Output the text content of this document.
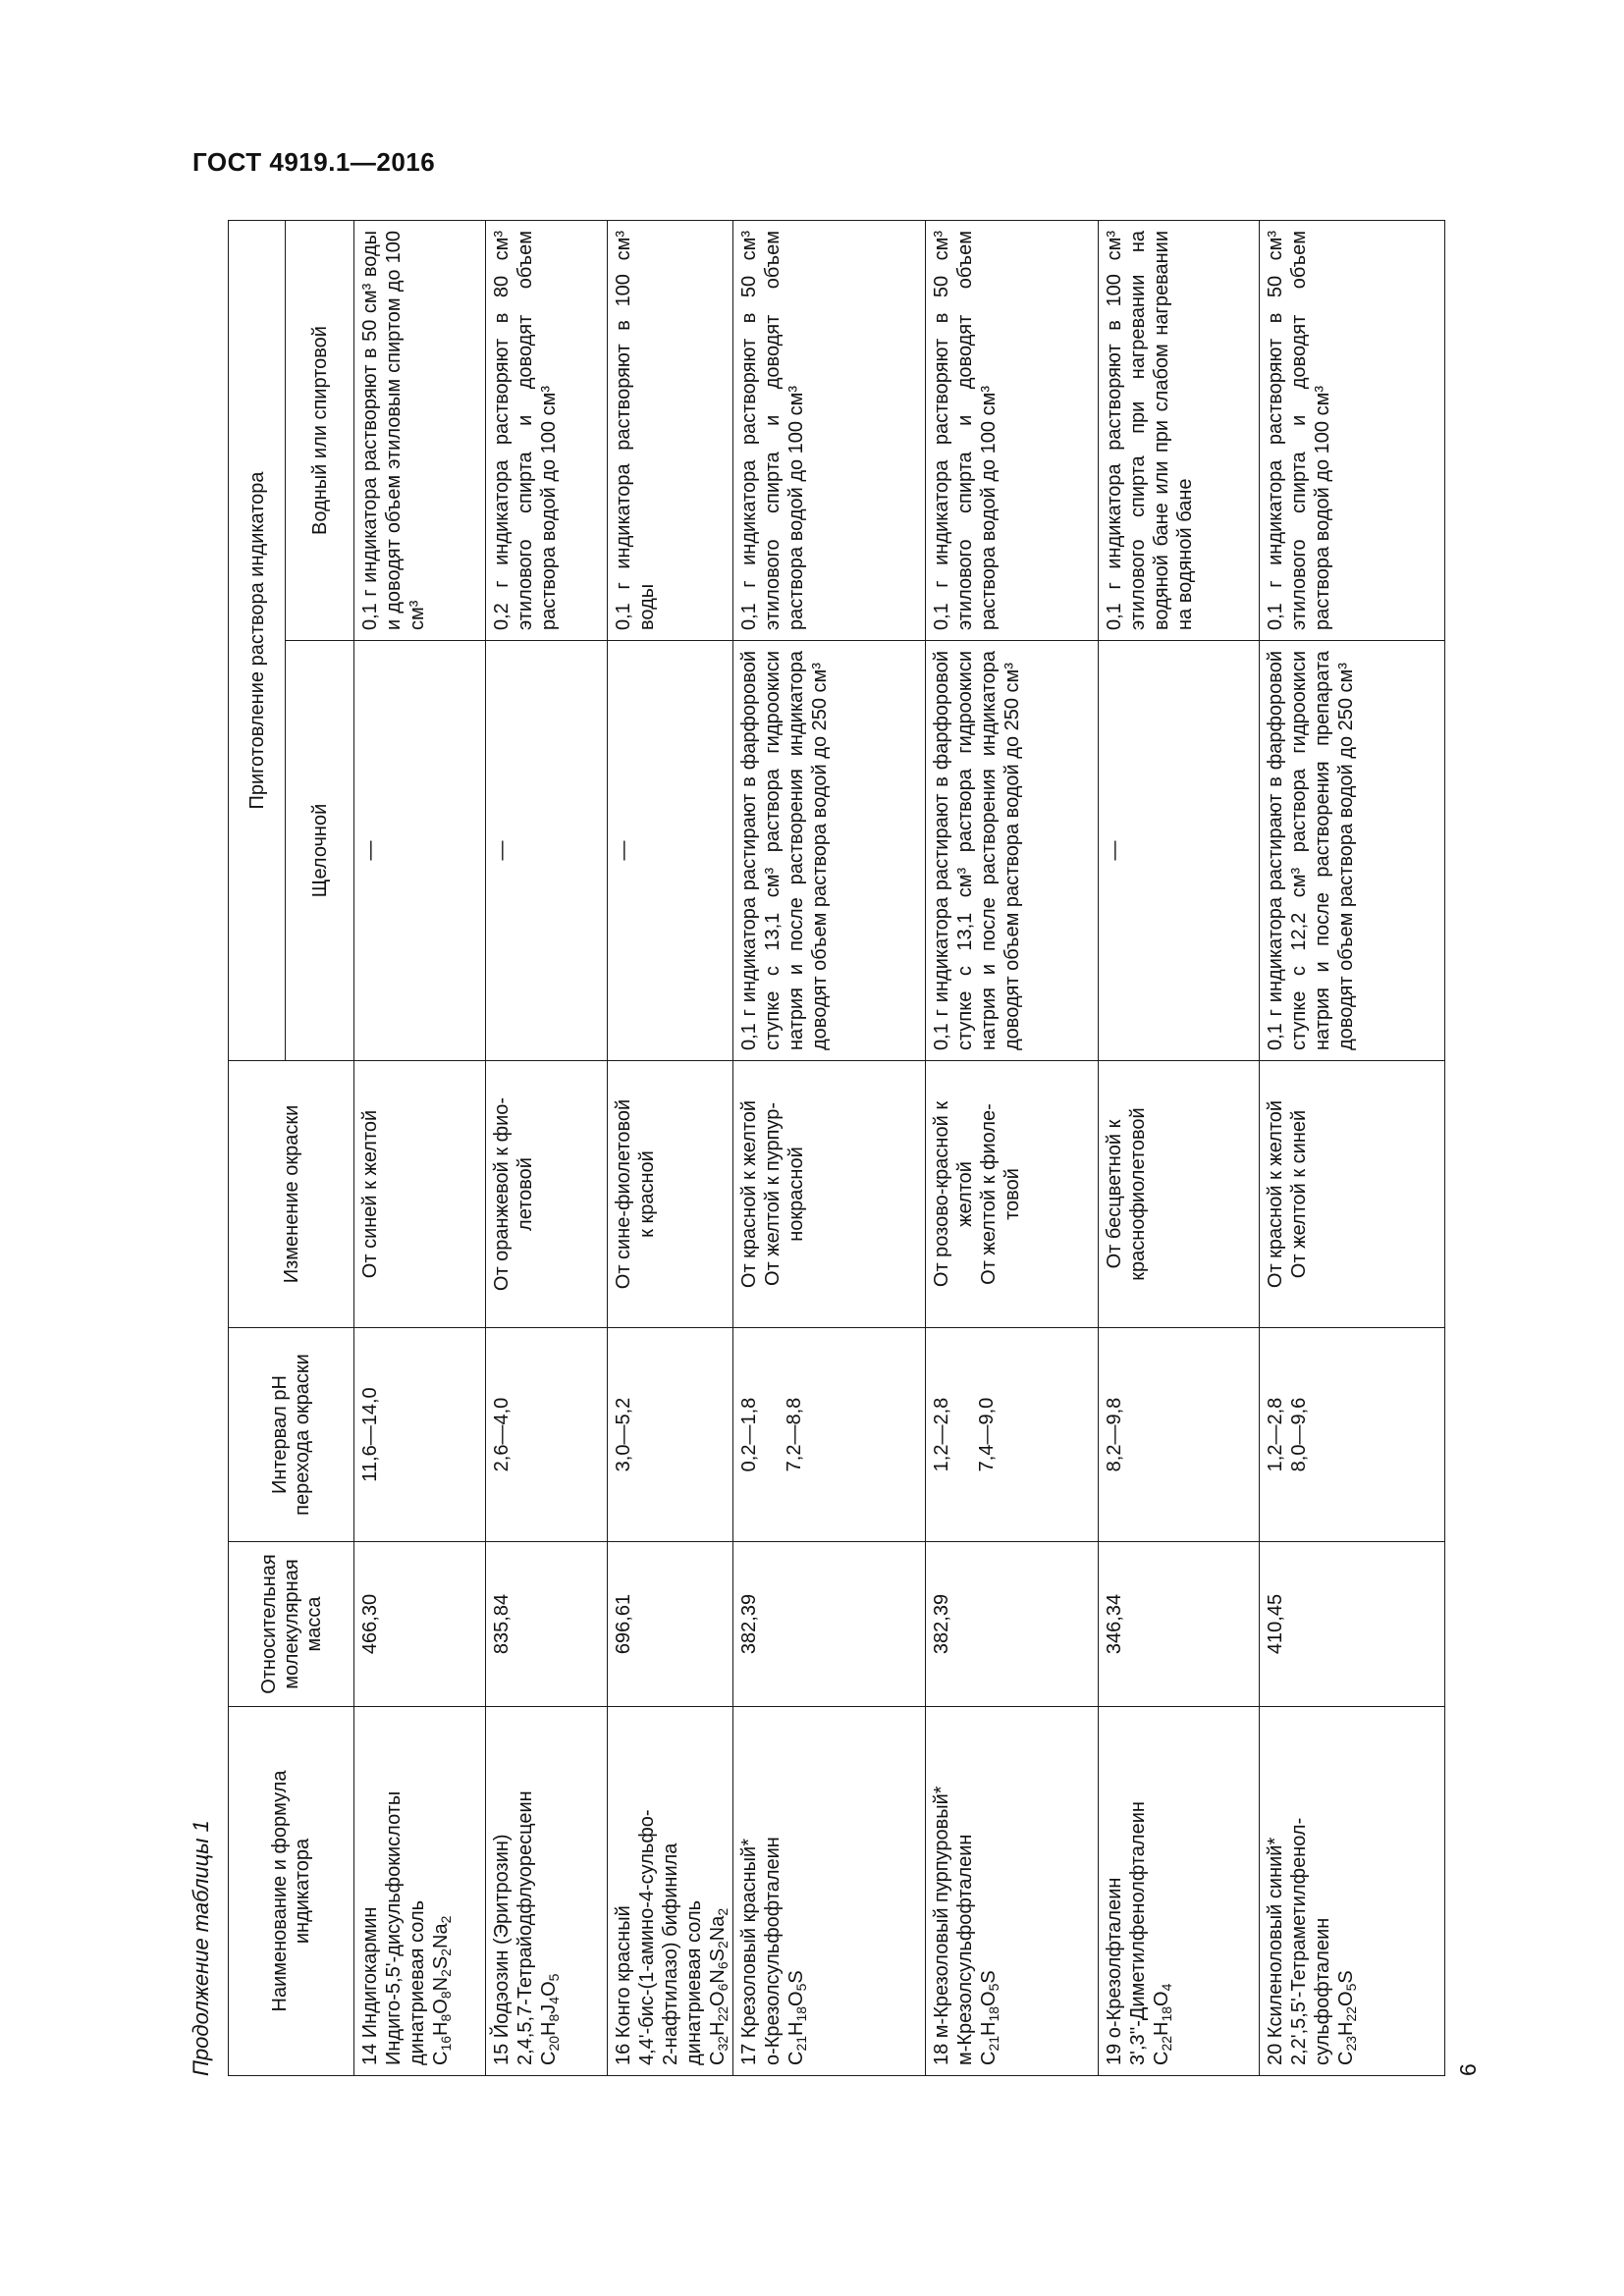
ГОСТ 4919.1—2016
Продолжение таблицы 1	Наименование и формула индикатора	Относительная молекулярная масса	Интервал pH перехода окраски	Изменение окраски	Приготовление раствора индикатора	
				Щелочной	Водный или спиртовой

14 Индигокармин Индиго-5,5'-дисульфокислоты динатриевая соль $C_{16}H_8O_8N_2S_2Na_2$	466,30	11,6—14,0	От синей к желтой	—	0,1 г индикатора растворяют в 50 см³ воды и доводят объем этиловым спиртом до 100 см³

15 Йодэозин (Эритрозин) 2,4,5,7-Тетрайодфлуоресцеин $C_{20}H_8J_4O_5$	835,84	2,6—4,0	От оранжевой к фио- летовой	—	0,2 г индикатора растворяют в 80 см³ этилового спирта и доводят объем раствора водой до 100 см³

16 Конго красный 4,4'-бис-(1-амино-4-сульфо- 2-нафтилазо) бифинила динатриевая соль $C_{32}H_{22}O_6N_6S_2Na_2$	696,61	3,0—5,2	От сине-фиолетовой к красной	—	0,1 г индикатора растворяют в 100 см³ воды

17 Крезоловый красный* о-Крезолсульфофталеин $C_{21}H_{18}O_5S$	382,39	0,2—1,8 7,2—8,8	От красной к желтой От желтой к пурпур- нокрасной	0,1 г индикатора растирают в фарфоровой ступке с 13,1 см³ раствора гидроокиси натрия и после растворения индикатора доводят объем раствора водой до 250 см³	0,1 г индикатора растворяют в 50 см³ этилового спирта и доводят объем раствора водой до 100 см³

18 м-Крезоловый пурпуровый* м-Крезолсульфофталеин $C_{21}H_{18}O_5S$	382,39	1,2—2,8 7,4—9,0	От розово-красной к желтой От желтой к фиоле- товой	0,1 г индикатора растирают в фарфоровой ступке с 13,1 см³ раствора гидроокиси натрия и после растворения индикатора доводят объем раствора водой до 250 см³	0,1 г индикатора растворяют в 50 см³ этилового спирта и доводят объем раствора водой до 100 см³

19 о-Крезолфталеин 3',3''-Диметилфенолфталеин $C_{22}H_{18}O_4$	346,34	8,2—9,8	От бесцветной к краснофиолетовой	—	0,1 г индикатора растворяют в 100 см³ этилового спирта при нагревании на водяной бане или при слабом нагревании на водяной бане

20 Ксиленоловый синий* 2,2',5,5'-Тетраметилфенол- сульфофталеин $C_{23}H_{22}O_5S$	410,45	1,2—2,8 8,0—9,6	От красной к желтой От желтой к синей	0,1 г индикатора растирают в фарфоровой ступке с 12,2 см³ раствора гидроокиси натрия и после растворения препарата доводят объем раствора водой до 250 см³	0,1 г индикатора растворяют в 50 см³ этилового спирта и доводят объем раствора водой до 100 см³
6
